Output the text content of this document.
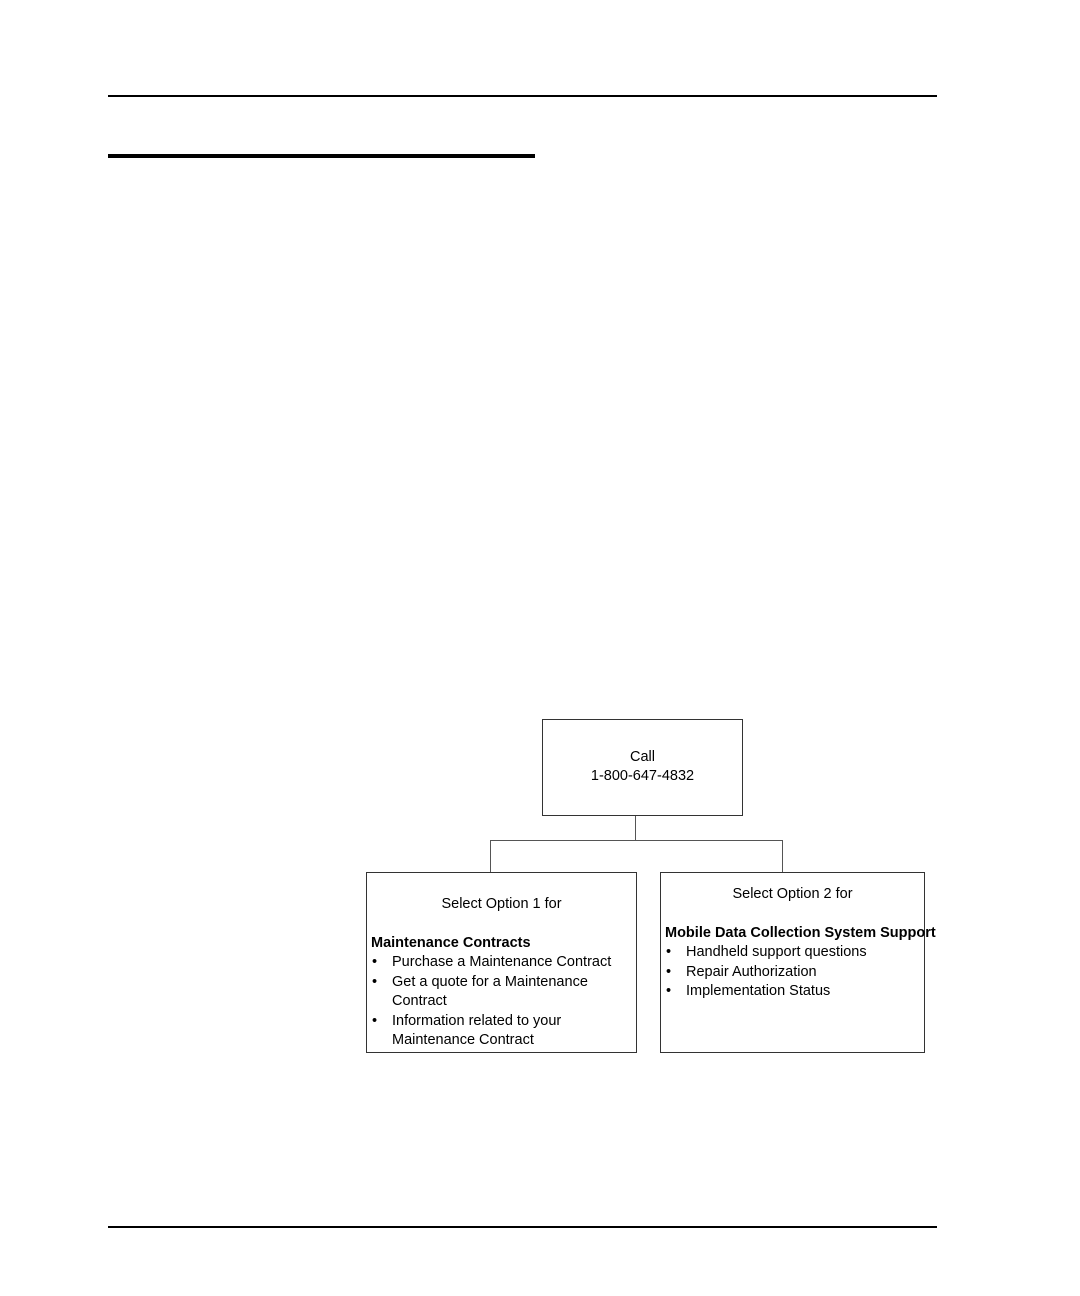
Call
1-800-647-4832
Select Option 1 for
Maintenance Contracts
• Purchase a Maintenance Contract
• Get a quote for a Maintenance Contract
• Information related to your Maintenance Contract
Select Option 2 for
Mobile Data Collection System Support
• Handheld support questions
• Repair Authorization
• Implementation Status
